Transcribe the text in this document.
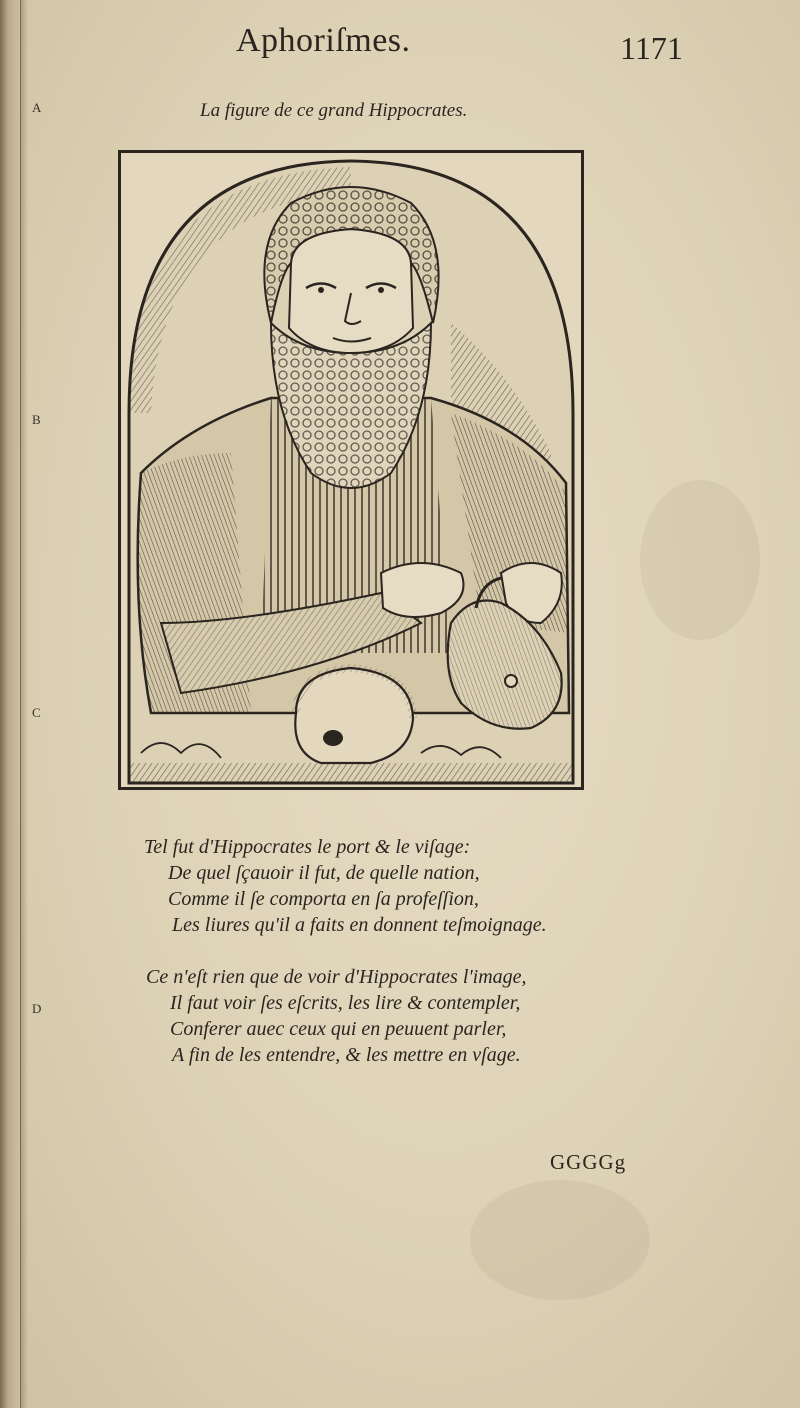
Aphoriſmes.	1171
A
B
C
D
La figure de ce grand Hippocrates.
Tel fut d'Hippocrates le port & le viſage:
De quel ſçauoir il fut, de quelle nation,
Comme il ſe comporta en ſa profeſſion,
Les liures qu'il a faits en donnent teſmoignage.
Ce n'eſt rien que de voir d'Hippocrates l'image,
Il faut voir ſes eſcrits, les lire & contempler,
Conferer auec ceux qui en peuuent parler,
A fin de les entendre, & les mettre en vſage.
GGGGg
